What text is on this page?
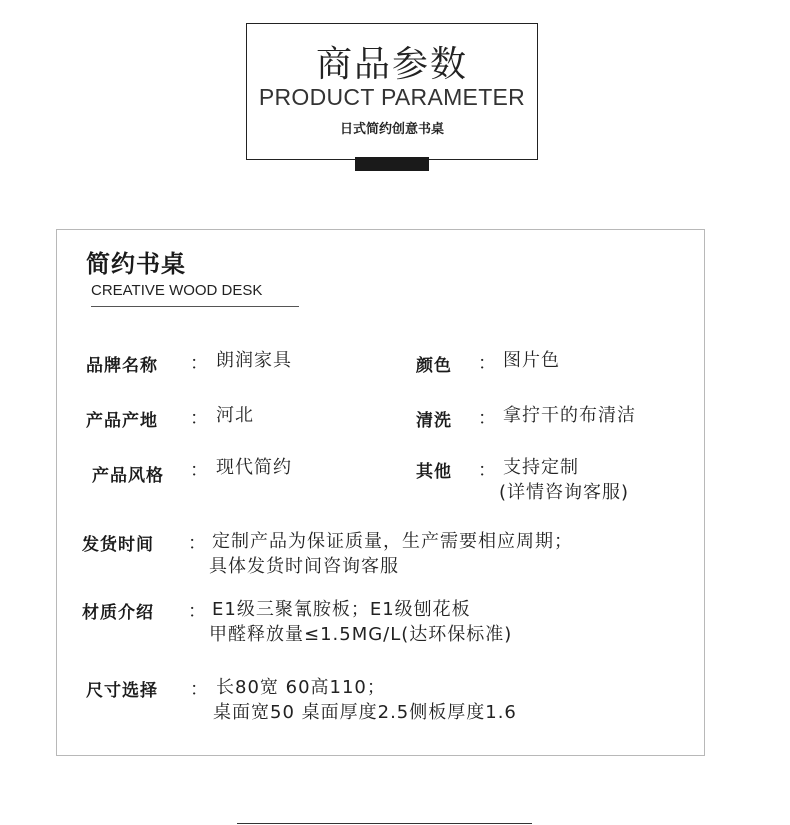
商品参数
PRODUCT PARAMETER
日式简约创意书桌
简约书桌
CREATIVE WOOD DESK
品牌名称 ： 朗润家具	颜色 ： 图片色
产品产地 ： 河北	清洗 ： 拿拧干的布清洁
产品风格 ： 现代简约	其他 ： 支持定制
(详情咨询客服)
发货时间 ： 定制产品为保证质量，生产需要相应周期；
具体发货时间咨询客服
材质介绍 ： E1级三聚氰胺板；E1级刨花板
甲醛释放量≤1.5MG/L(达环保标准)
尺寸选择 ： 长80宽 60高110；
桌面宽50 桌面厚度2.5侧板厚度1.6
